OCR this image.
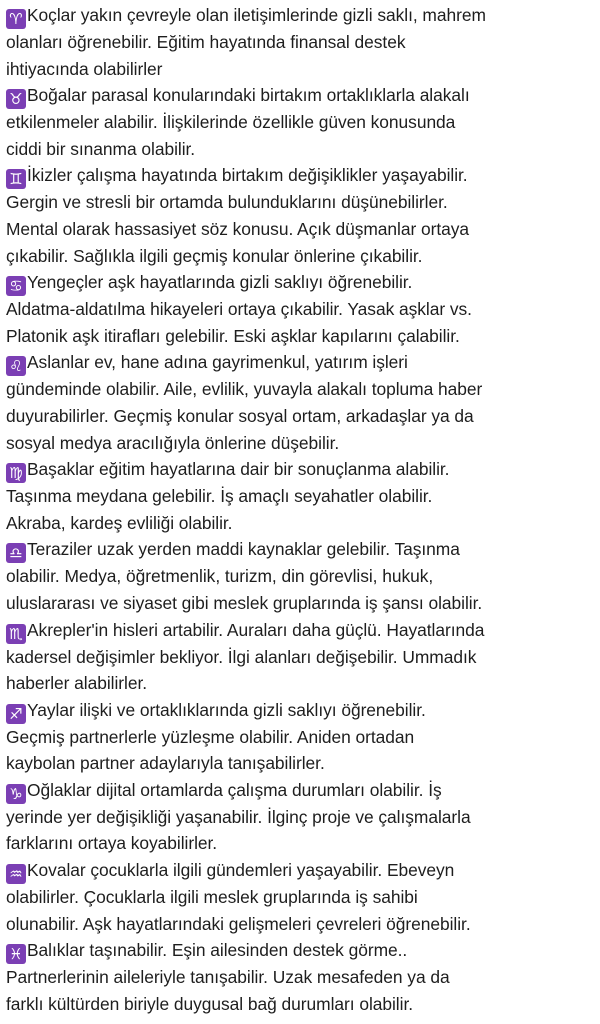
♈ Koçlar yakın çevreyle olan iletişimlerinde gizli saklı, mahrem
olanları öğrenebilir. Eğitim hayatında finansal destek
ihtiyacında olabilirler
♉ Boğalar parasal konularındaki birtakım ortaklıklarla alakalı
etkilenmeler alabilir. İlişkilerinde özellikle güven konusunda
ciddi bir sınanma olabilir.
♊ İkizler çalışma hayatında birtakım değişiklikler yaşayabilir.
Gergin ve stresli bir ortamda bulunduklarını düşünebilirler.
Mental olarak hassasiyet söz konusu. Açık düşmanlar ortaya
çıkabilir. Sağlıkla ilgili geçmiş konular önlerine çıkabilir.
♋ Yengeçler aşk hayatlarında gizli saklıyı öğrenebilir.
Aldatma-aldatılma hikayeleri ortaya çıkabilir. Yasak aşklar vs.
Platonik aşk itirafları gelebilir. Eski aşklar kapılarını çalabilir.
♌ Aslanlar ev, hane adına gayrimenkul, yatırım işleri
gündeminde olabilir. Aile, evlilik, yuvayla alakalı topluma haber
duyurabilirler. Geçmiş konular sosyal ortam, arkadaşlar ya da
sosyal medya aracılığıyla önlerine düşebilir.
♍ Başaklar eğitim hayatlarına dair bir sonuçlanma alabilir.
Taşınma meydana gelebilir. İş amaçlı seyahatler olabilir.
Akraba, kardeş evliliği olabilir.
♎ Teraziler uzak yerden maddi kaynaklar gelebilir. Taşınma
olabilir. Medya, öğretmenlik, turizm, din görevlisi, hukuk,
uluslararası ve siyaset gibi meslek gruplarında iş şansı olabilir.
♏ Akrepler'in hisleri artabilir. Auraları daha güçlü. Hayatlarında
kadersel değişimler bekliyor. İlgi alanları değişebilir. Ummadık
haberler alabilirler.
♐ Yaylar ilişki ve ortaklıklarında gizli saklıyı öğrenebilir.
Geçmiş partnerlerle yüzleşme olabilir. Aniden ortadan
kaybolan partner adaylarıyla tanışabilirler.
♑ Oğlaklar dijital ortamlarda çalışma durumları olabilir. İş
yerinde yer değişikliği yaşanabilir. İlginç proje ve çalışmalarla
farklarını ortaya koyabilirler.
♒ Kovalar çocuklarla ilgili gündemleri yaşayabilir. Ebeveyn
olabilirler. Çocuklarla ilgili meslek gruplarında iş sahibi
olunabilir. Aşk hayatlarındaki gelişmeleri çevreleri öğrenebilir.
♓ Balıklar taşınabilir. Eşin ailesinden destek görme..
Partnerlerinin aileleriyle tanışabilir. Uzak mesafeden ya da
farklı kültürden biriyle duygusal bağ durumları olabilir.
